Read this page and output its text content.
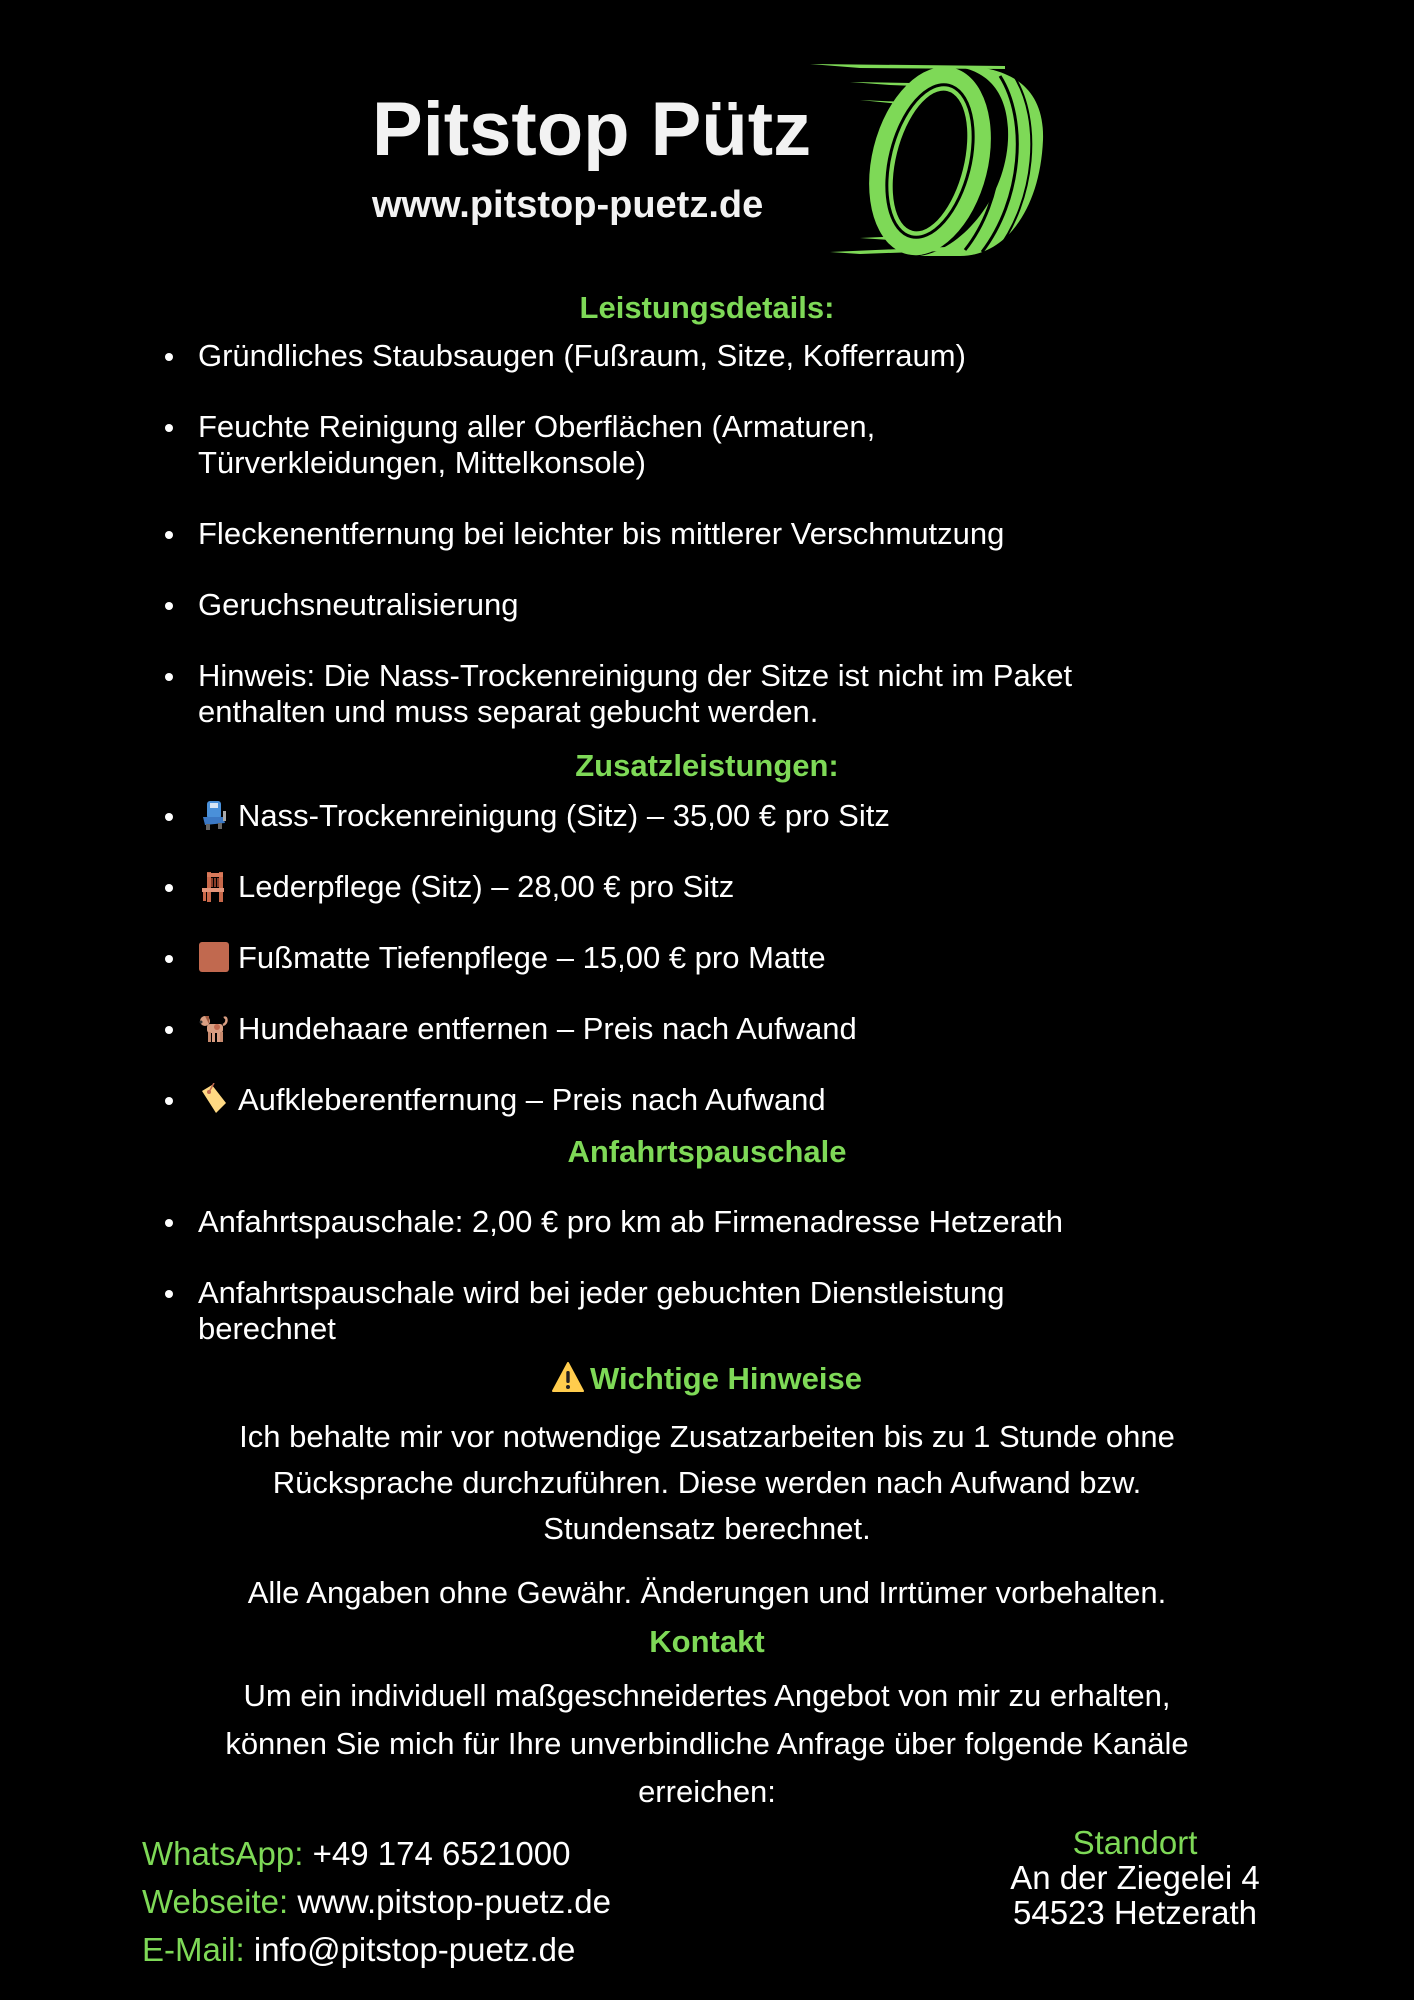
Pitstop Pütz
www.pitstop-puetz.de
Leistungsdetails:
Gründliches Staubsaugen (Fußraum, Sitze, Kofferraum)
Feuchte Reinigung aller Oberflächen (Armaturen,
Türverkleidungen, Mittelkonsole)
Fleckenentfernung bei leichter bis mittlerer Verschmutzung
Geruchsneutralisierung
Hinweis: Die Nass-Trockenreinigung der Sitze ist nicht im Paket
enthalten und muss separat gebucht werden.
Zusatzleistungen:
Nass-Trockenreinigung (Sitz) – 35,00 € pro Sitz
Lederpflege (Sitz) – 28,00 € pro Sitz
Fußmatte Tiefenpflege – 15,00 € pro Matte
Hundehaare entfernen – Preis nach Aufwand
Aufkleberentfernung – Preis nach Aufwand
Anfahrtspauschale
Anfahrtspauschale: 2,00 € pro km ab Firmenadresse Hetzerath
Anfahrtspauschale wird bei jeder gebuchten Dienstleistung
berechnet
Wichtige Hinweise
Ich behalte mir vor notwendige Zusatzarbeiten bis zu 1 Stunde ohne
Rücksprache durchzuführen. Diese werden nach Aufwand bzw.
Stundensatz berechnet.
Alle Angaben ohne Gewähr. Änderungen und Irrtümer vorbehalten.
Kontakt
Um ein individuell maßgeschneidertes Angebot von mir zu erhalten,
können Sie mich für Ihre unverbindliche Anfrage über folgende Kanäle
erreichen:
WhatsApp: +49 174 6521000
Webseite: www.pitstop-puetz.de
E-Mail: info@pitstop-puetz.de
Standort
An der Ziegelei 4
54523 Hetzerath
